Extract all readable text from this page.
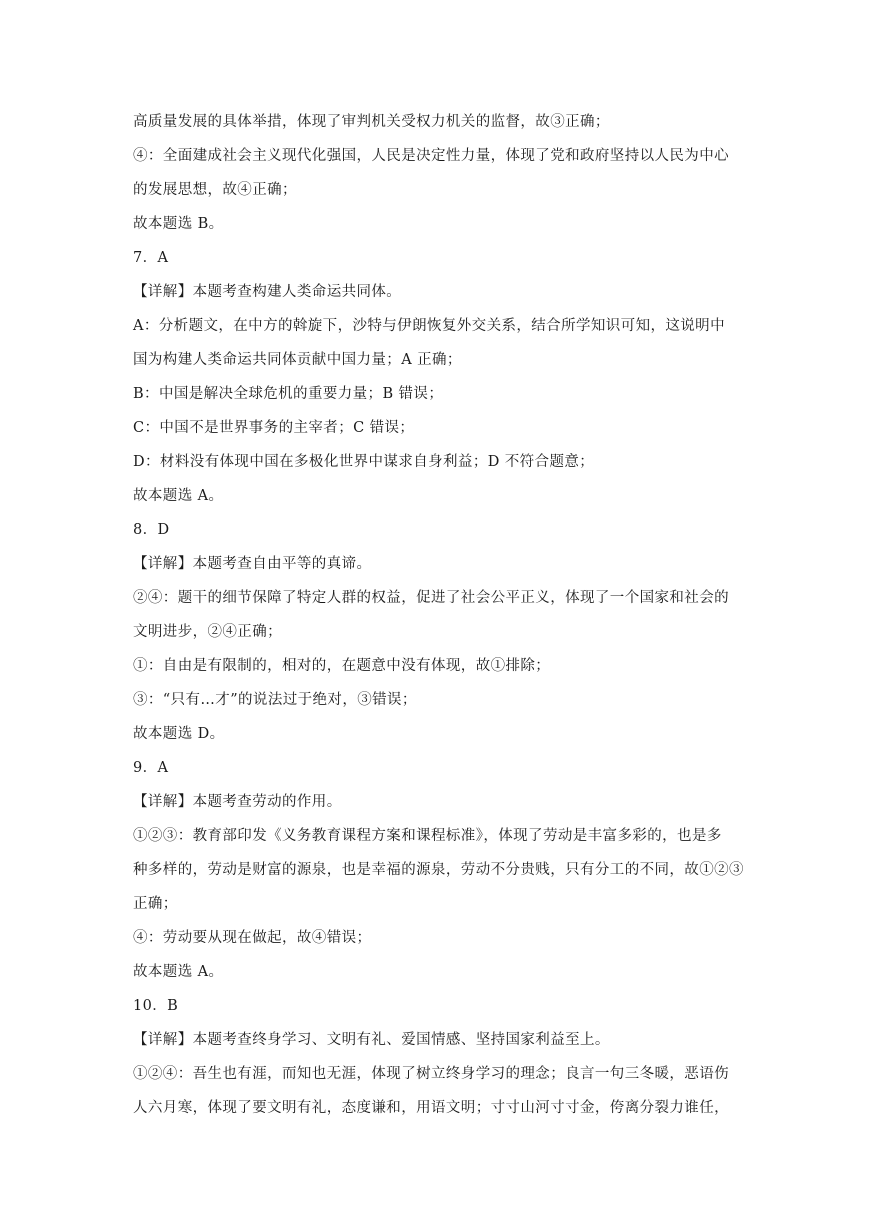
高质量发展的具体举措，体现了审判机关受权力机关的监督，故③正确；
④：全面建成社会主义现代化强国，人民是决定性力量，体现了党和政府坚持以人民为中心
的发展思想，故④正确；
故本题选 B。
7．A
【详解】本题考查构建人类命运共同体。
A：分析题文，在中方的斡旋下，沙特与伊朗恢复外交关系，结合所学知识可知，这说明中
国为构建人类命运共同体贡献中国力量；A 正确；
B：中国是解决全球危机的重要力量；B 错误；
C：中国不是世界事务的主宰者；C 错误；
D：材料没有体现中国在多极化世界中谋求自身利益；D 不符合题意；
故本题选 A。
8．D
【详解】本题考查自由平等的真谛。
②④：题干的细节保障了特定人群的权益，促进了社会公平正义，体现了一个国家和社会的
文明进步，②④正确；
①：自由是有限制的，相对的，在题意中没有体现，故①排除；
③：“只有…才”的说法过于绝对，③错误；
故本题选 D。
9．A
【详解】本题考查劳动的作用。
①②③：教育部印发《义务教育课程方案和课程标准》，体现了劳动是丰富多彩的，也是多
种多样的，劳动是财富的源泉，也是幸福的源泉，劳动不分贵贱，只有分工的不同，故①②③
正确；
④：劳动要从现在做起，故④错误；
故本题选 A。
10．B
【详解】本题考查终身学习、文明有礼、爱国情感、坚持国家利益至上。
①②④：吾生也有涯，而知也无涯，体现了树立终身学习的理念；良言一句三冬暖，恶语伤
人六月寒，体现了要文明有礼，态度谦和，用语文明；寸寸山河寸寸金，侉离分裂力谁任，
